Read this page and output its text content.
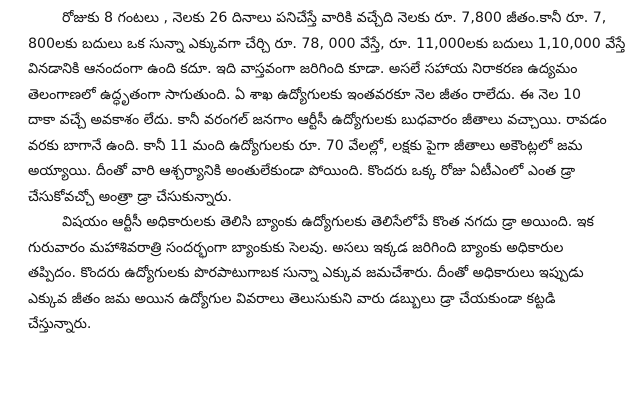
రోజుకు 8 గంటలు , నెలకు 26 దినాలు పనిచేస్తే వారికి వచ్చేది నెలకు రూ. 7,800 జీతం.కానీ రూ. 7,
800లకు బదులు ఒక సున్నా ఎక్కువగా చేర్చి రూ. 78, 000 వేస్తే, రూ. 11,000లకు బదులు 1,10,000 వేస్తే
వినడానికి ఆనందంగా ఉంది కదూ. ఇది వాస్తవంగా జరిగింది కూడా. అసలే సహాయ నిరాకరణ ఉద్యమం
తెలంగాణలో ఉద్ధృతంగా సాగుతుంది. ఏ శాఖ ఉద్యోగులకు ఇంతవరకూ నెల జీతం రాలేదు. ఈ నెల 10
దాకా వచ్చే అవకాశం లేదు. కానీ వరంగల్ జనగాం ఆర్టీసీ ఉద్యోగులకు బుధవారం జీతాలు వచ్చాయి. రావడం
వరకు బాగానే ఉంది. కానీ 11 మంది ఉద్యోగులకు రూ. 70 వేలల్లో, లక్షకు పైగా జీతాలు అకౌంట్లలో జమ
అయ్యాయి. దీంతో వారి ఆశ్చర్యానికి అంతులేకుండా పోయింది. కొందరు ఒక్క రోజు ఏటీఎంలో ఎంత డ్రా
చేసుకోవచ్చో అంత్రా డ్రా చేసుకున్నారు.
విషయం ఆర్టీసీ అధికారులకు తెలిసి బ్యాంకు ఉద్యోగులకు తెలిసేలోపే కొంత నగదు డ్రా అయింది. ఇక
గురువారం మహాశివరాత్రి సందర్భంగా బ్యాంకుకు సెలవు. అసలు ఇక్కడ జరిగింది బ్యాంకు అధికారుల
తప్పిదం. కొందరు ఉద్యోగులకు పొరపాటుగాబక సున్నా ఎక్కువ జమచేశారు. దీంతో అధికారులు ఇప్పుడు
ఎక్కువ జీతం జమ అయిన ఉద్యోగుల వివరాలు తెలుసుకుని వారు డబ్బులు డ్రా చేయకుండా కట్టడి
చేస్తున్నారు.
